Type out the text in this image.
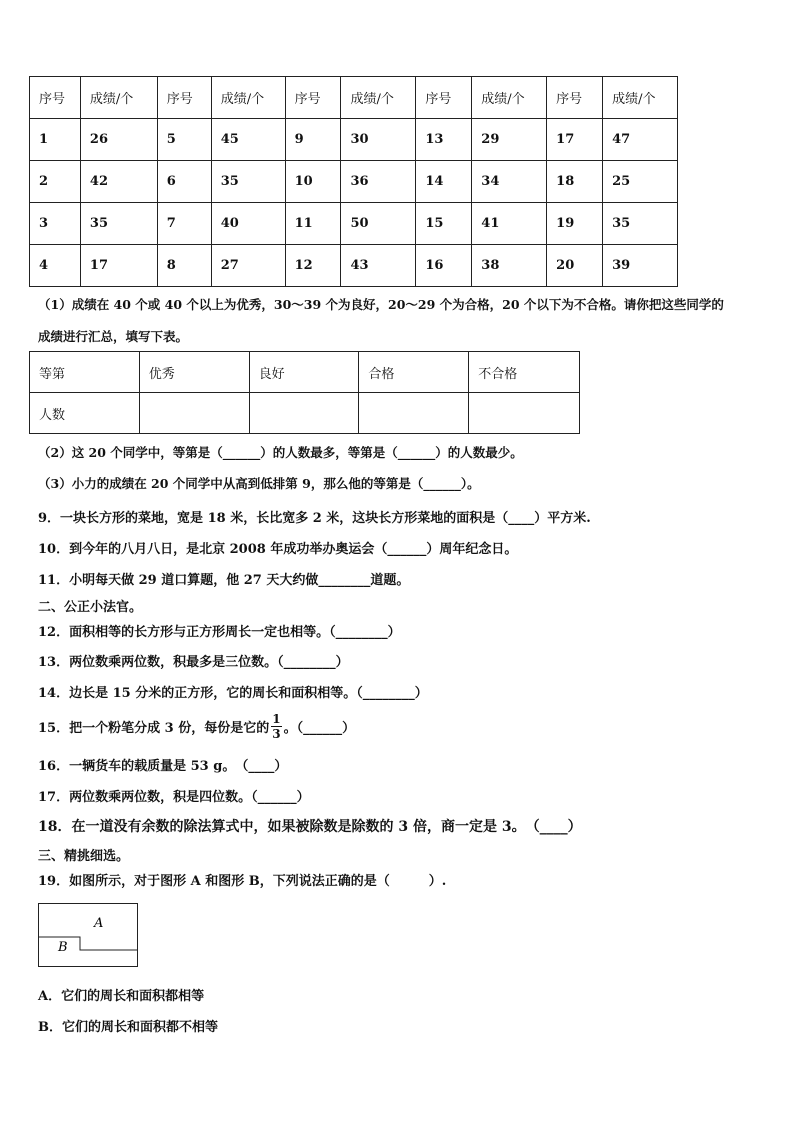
序号	成绩/个	序号	成绩/个	序号	成绩/个	序号	成绩/个	序号	成绩/个
1	26	5	45	9	30	13	29	17	47
2	42	6	35	10	36	14	34	18	25
3	35	7	40	11	50	15	41	19	35
4	17	8	27	12	43	16	38	20	39
（1）成绩在 40 个或 40 个以上为优秀，30～39 个为良好，20～29 个为合格，20 个以下为不合格。请你把这些同学的
成绩进行汇总，填写下表。
等第	优秀	良好	合格	不合格
人数				
（2）这 20 个同学中，等第是（______）的人数最多，等第是（______）的人数最少。
（3）小力的成绩在 20 个同学中从高到低排第 9，那么他的等第是（______）。
9．一块长方形的菜地，宽是 18 米，长比宽多 2 米，这块长方形菜地的面积是（____）平方米.
10．到今年的八月八日，是北京 2008 年成功举办奥运会（______）周年纪念日。
11．小明每天做 29 道口算题，他 27 天大约做________道题。
二、公正小法官。
12．面积相等的长方形与正方形周长一定也相等。（________）
13．两位数乘两位数，积最多是三位数。（________）
14．边长是 15 分米的正方形，它的周长和面积相等。（________）
15．把一个粉笔分成 3 份，每份是它的 $\frac{1}{3}$ 。（______）
16．一辆货车的载质量是 53 g。　（____）
17．两位数乘两位数，积是四位数。（______）
18．在一道没有余数的除法算式中，如果被除数是除数的 3 倍，商一定是 3。　（____）
三、精挑细选。
19．如图所示，对于图形 A 和图形 B，下列说法正确的是（　　　）.
A
B
A．它们的周长和面积都相等
B．它们的周长和面积都不相等
